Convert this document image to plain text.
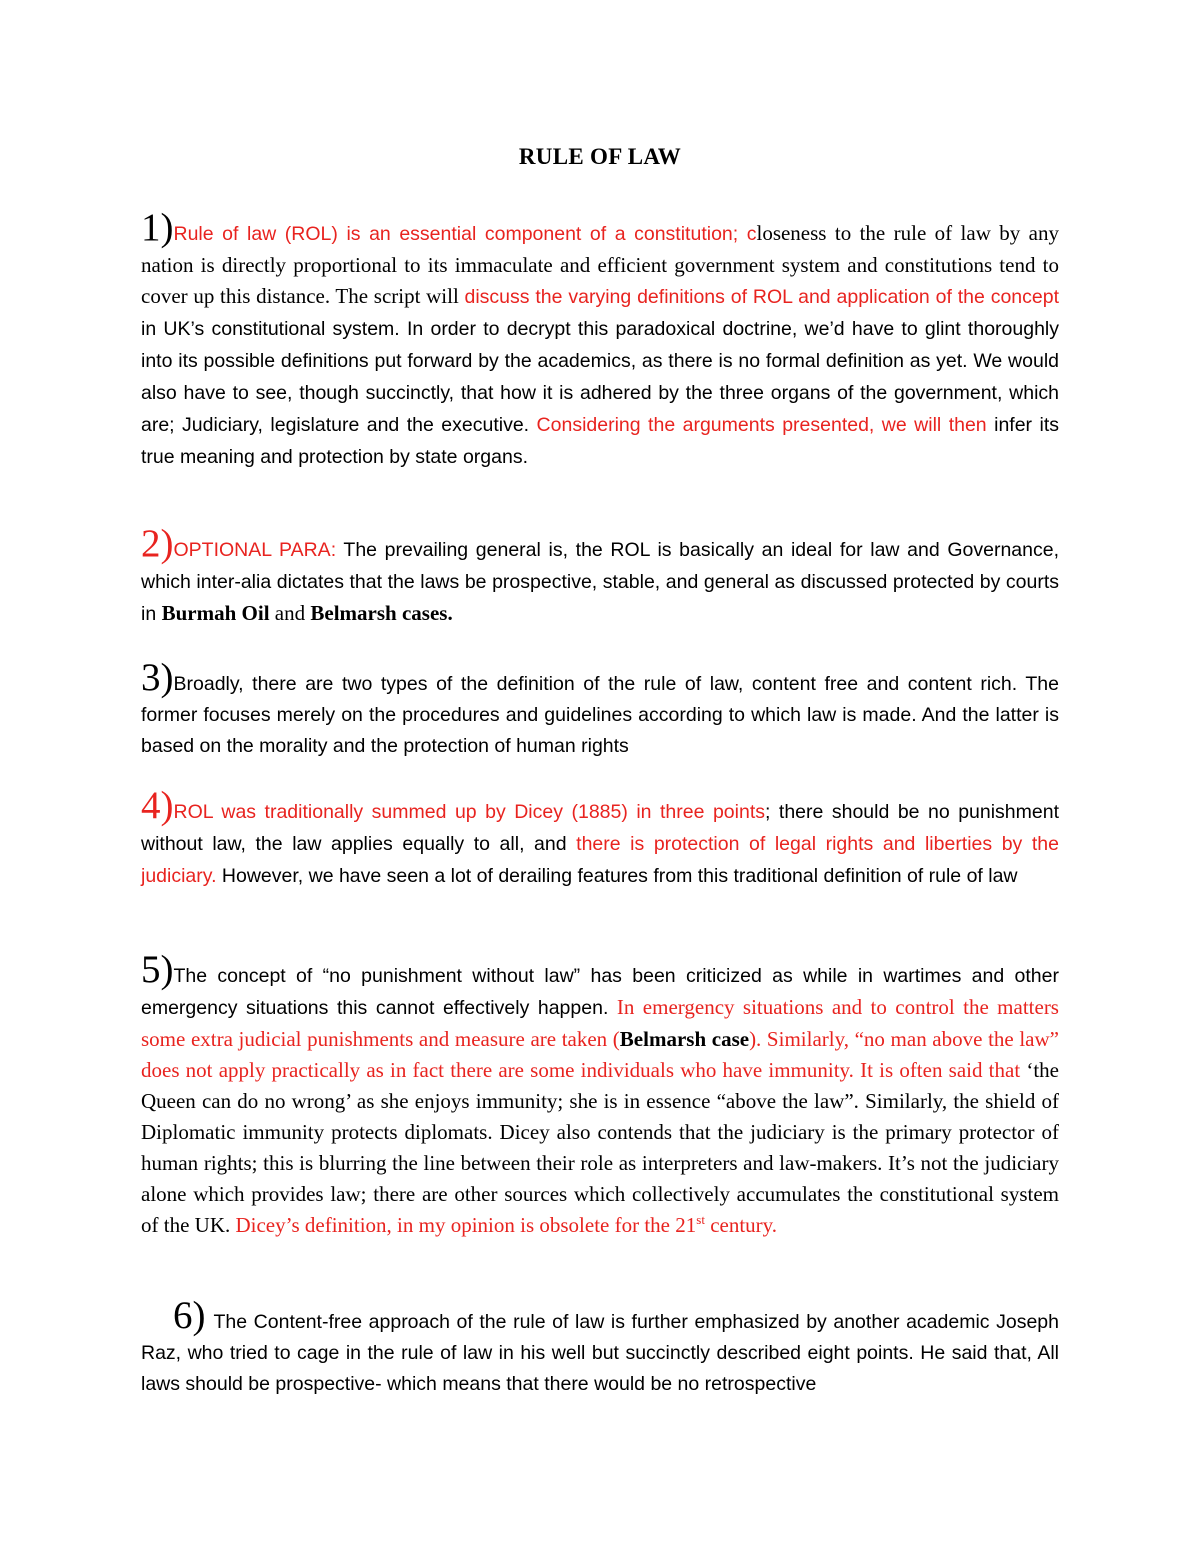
RULE OF LAW
1)Rule of law (ROL) is an essential component of a constitution; closeness to the rule of law by any nation is directly proportional to its immaculate and efficient government system and constitutions tend to cover up this distance. The script will discuss the varying definitions of ROL and application of the concept in UK’s constitutional system. In order to decrypt this paradoxical doctrine, we’d have to glint thoroughly into its possible definitions put forward by the academics, as there is no formal definition as yet. We would also have to see, though succinctly, that how it is adhered by the three organs of the government, which are; Judiciary, legislature and the executive. Considering the arguments presented, we will then infer its true meaning and protection by state organs.
2)OPTIONAL PARA: The prevailing general is, the ROL is basically an ideal for law and Governance, which inter-alia dictates that the laws be prospective, stable, and general as discussed protected by courts in Burmah Oil and Belmarsh cases.
3)Broadly, there are two types of the definition of the rule of law, content free and content rich. The former focuses merely on the procedures and guidelines according to which law is made. And the latter is based on the morality and the protection of human rights
4)ROL was traditionally summed up by Dicey (1885) in three points; there should be no punishment without law, the law applies equally to all, and there is protection of legal rights and liberties by the judiciary. However, we have seen a lot of derailing features from this traditional definition of rule of law
5)The concept of “no punishment without law” has been criticized as while in wartimes and other emergency situations this cannot effectively happen. In emergency situations and to control the matters some extra judicial punishments and measure are taken (Belmarsh case). Similarly, “no man above the law” does not apply practically as in fact there are some individuals who have immunity. It is often said that ‘the Queen can do no wrong’ as she enjoys immunity; she is in essence “above the law”. Similarly, the shield of Diplomatic immunity protects diplomats. Dicey also contends that the judiciary is the primary protector of human rights; this is blurring the line between their role as interpreters and law-makers. It’s not the judiciary alone which provides law; there are other sources which collectively accumulates the constitutional system of the UK. Dicey’s definition, in my opinion is obsolete for the 21st century.
6) The Content-free approach of the rule of law is further emphasized by another academic Joseph Raz, who tried to cage in the rule of law in his well but succinctly described eight points. He said that, All laws should be prospective- which means that there would be no retrospective
